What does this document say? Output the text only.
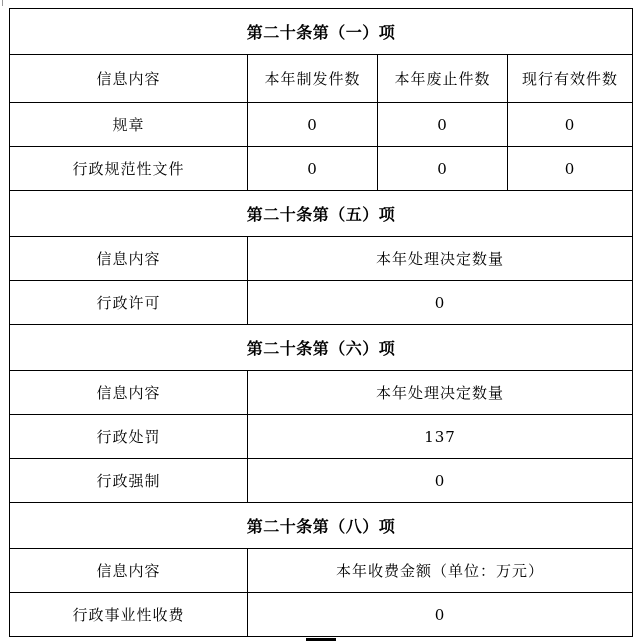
第二十条第（一）项			
信息内容	本年制发件数	本年废止件数	现行有效件数
规章	0	0	0
行政规范性文件	0	0	0
第二十条第（五）项			
信息内容	本年处理决定数量		
行政许可	0		
第二十条第（六）项			
信息内容	本年处理决定数量		
行政处罚	137		
行政强制	0		
第二十条第（八）项			
信息内容	本年收费金额（单位：万元）		
行政事业性收费	0		
